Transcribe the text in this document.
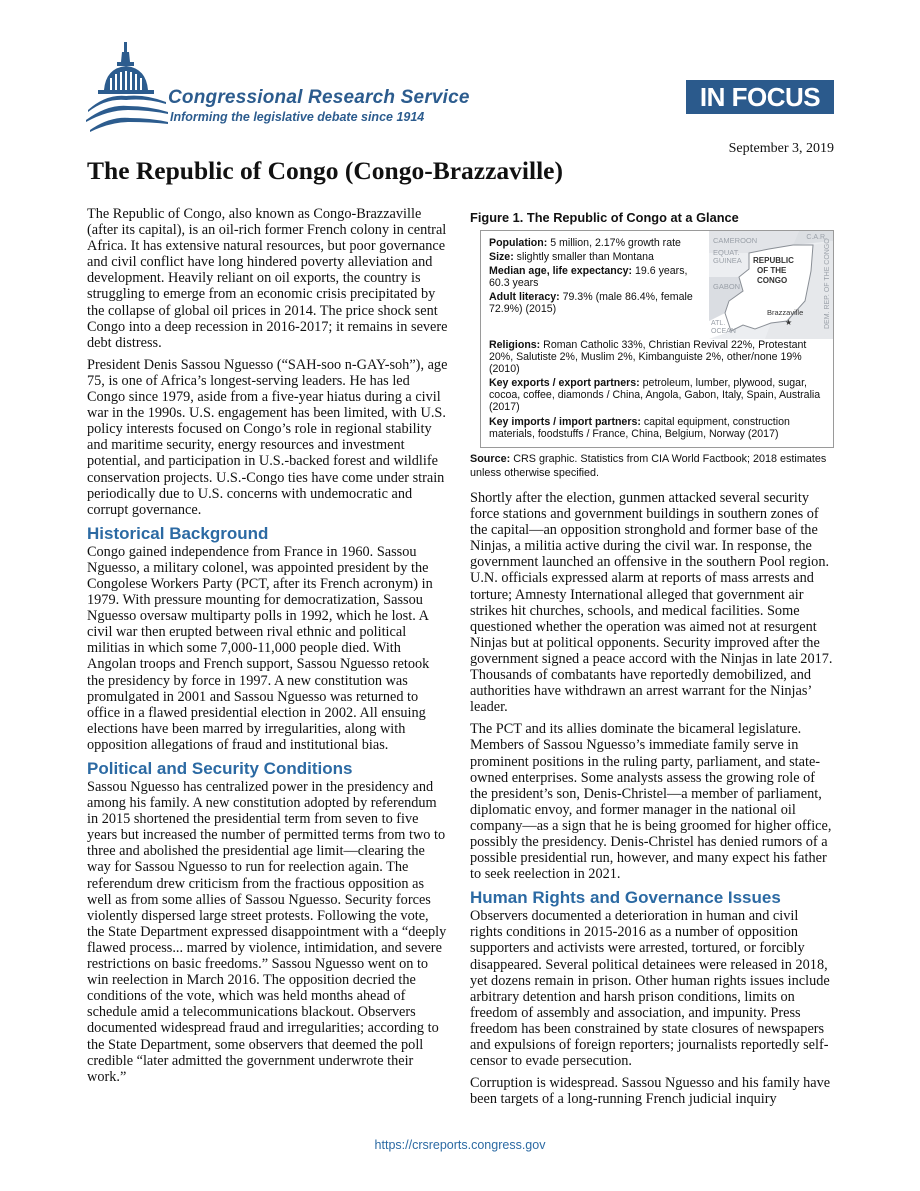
Congressional Research Service
Informing the legislative debate since 1914
IN FOCUS
September 3, 2019
The Republic of Congo (Congo-Brazzaville)

The Republic of Congo, also known as Congo-Brazzaville (after its capital), is an oil-rich former French colony in central Africa. It has extensive natural resources, but poor governance and civil conflict have long hindered poverty alleviation and development. Heavily reliant on oil exports, the country is struggling to emerge from an economic crisis precipitated by the collapse of global oil prices in 2014. The price shock sent Congo into a deep recession in 2016-2017; it remains in severe debt distress.

President Denis Sassou Nguesso (“SAH-soo n-GAY-soh”), age 75, is one of Africa’s longest-serving leaders. He has led Congo since 1979, aside from a five-year hiatus during a civil war in the 1990s. U.S. engagement has been limited, with U.S. policy interests focused on Congo’s role in regional stability and maritime security, energy resources and investment potential, and participation in U.S.-backed forest and wildlife conservation projects. U.S.-Congo ties have come under strain periodically due to U.S. concerns with undemocratic and corrupt governance.

Historical Background

Congo gained independence from France in 1960. Sassou Nguesso, a military colonel, was appointed president by the Congolese Workers Party (PCT, after its French acronym) in 1979. With pressure mounting for democratization, Sassou Nguesso oversaw multiparty polls in 1992, which he lost. A civil war then erupted between rival ethnic and political militias in which some 7,000-11,000 people died. With Angolan troops and French support, Sassou Nguesso retook the presidency by force in 1997. A new constitution was promulgated in 2001 and Sassou Nguesso was returned to office in a flawed presidential election in 2002. All ensuing elections have been marred by irregularities, along with opposition allegations of fraud and institutional bias.

Political and Security Conditions

Sassou Nguesso has centralized power in the presidency and among his family. A new constitution adopted by referendum in 2015 shortened the presidential term from seven to five years but increased the number of permitted terms from two to three and abolished the presidential age limit—clearing the way for Sassou Nguesso to run for reelection again. The referendum drew criticism from the fractious opposition as well as from some allies of Sassou Nguesso. Security forces violently dispersed large street protests. Following the vote, the State Department expressed disappointment with a “deeply flawed process... marred by violence, intimidation, and severe restrictions on basic freedoms.” Sassou Nguesso went on to win reelection in March 2016. The opposition decried the conditions of the vote, which was held months ahead of schedule amid a telecommunications blackout. Observers documented widespread fraud and irregularities; according to the State Department, some observers that deemed the poll credible “later admitted the government underwrote their work.”

Figure 1. The Republic of Congo at a Glance
Population: 5 million, 2.17% growth rate
Size: slightly smaller than Montana
Median age, life expectancy: 19.6 years, 60.3 years
Adult literacy: 79.3% (male 86.4%, female 72.9%) (2015)
Religions: Roman Catholic 33%, Christian Revival 22%, Protestant 20%, Salutiste 2%, Muslim 2%, Kimbanguiste 2%, other/none 19% (2010)
Key exports / export partners: petroleum, lumber, plywood, sugar, cocoa, coffee, diamonds / China, Angola, Gabon, Italy, Spain, Australia (2017)
Key imports / import partners: capital equipment, construction materials, foodstuffs / France, China, Belgium, Norway (2017)
C.A.R.
CAMEROON
EQUAT.
GUINEA
GABON
REPUBLIC
OF THE
CONGO	DEM. REP. OF THE CONGO
Brazzaville
★
ATL.
OCEAN
Source: CRS graphic. Statistics from CIA World Factbook; 2018 estimates unless otherwise specified.

Shortly after the election, gunmen attacked several security force stations and government buildings in southern zones of the capital—an opposition stronghold and former base of the Ninjas, a militia active during the civil war. In response, the government launched an offensive in the southern Pool region. U.N. officials expressed alarm at reports of mass arrests and torture; Amnesty International alleged that government air strikes hit churches, schools, and medical facilities. Some questioned whether the operation was aimed not at resurgent Ninjas but at political opponents. Security improved after the government signed a peace accord with the Ninjas in late 2017. Thousands of combatants have reportedly demobilized, and authorities have withdrawn an arrest warrant for the Ninjas’ leader.

The PCT and its allies dominate the bicameral legislature. Members of Sassou Nguesso’s immediate family serve in prominent positions in the ruling party, parliament, and state-owned enterprises. Some analysts assess the growing role of the president’s son, Denis-Christel—a member of parliament, diplomatic envoy, and former manager in the national oil company—as a sign that he is being groomed for higher office, possibly the presidency. Denis-Christel has denied rumors of a possible presidential run, however, and many expect his father to seek reelection in 2021.

Human Rights and Governance Issues

Observers documented a deterioration in human and civil rights conditions in 2015-2016 as a number of opposition supporters and activists were arrested, tortured, or forcibly disappeared. Several political detainees were released in 2018, yet dozens remain in prison. Other human rights issues include arbitrary detention and harsh prison conditions, limits on freedom of assembly and association, and impunity. Press freedom has been constrained by state closures of newspapers and expulsions of foreign reporters; journalists reportedly self-censor to evade persecution.

Corruption is widespread. Sassou Nguesso and his family have been targets of a long-running French judicial inquiry

https://crsreports.congress.gov
